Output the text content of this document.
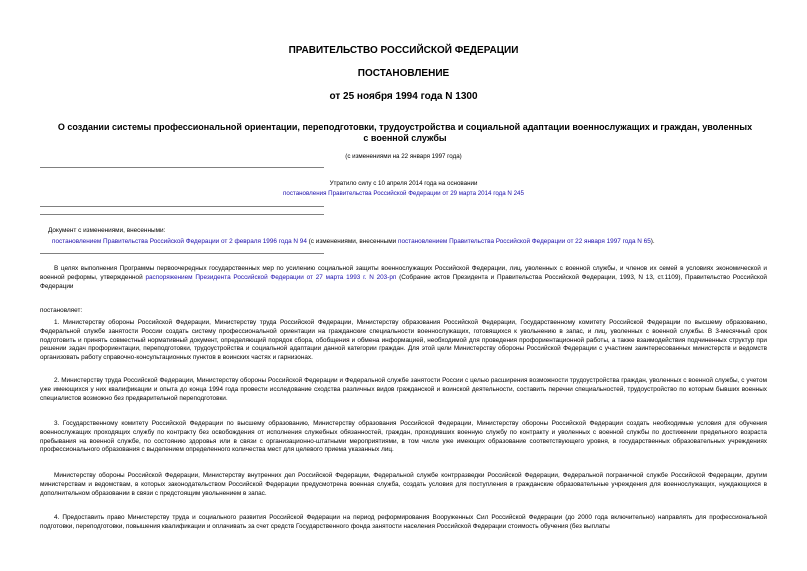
ПРАВИТЕЛЬСТВО РОССИЙСКОЙ ФЕДЕРАЦИИ
ПОСТАНОВЛЕНИЕ
от 25 ноября 1994 года N 1300
О создании системы профессиональной ориентации, переподготовки, трудоустройства и социальной адаптации военнослужащих и граждан, уволенных с военной службы
(с изменениями на 22 января 1997 года)
Утратило силу с 10 апреля 2014 года на основании
постановления Правительства Российской Федерации от 29 марта 2014 года N 245
Документ с изменениями, внесенными:
постановлением Правительства Российской Федерации от 2 февраля 1996 года N 94 (с изменениями, внесенными постановлением Правительства Российской Федерации от 22 января 1997 года N 65).
В целях выполнения Программы первоочередных государственных мер по усилению социальной защиты военнослужащих Российской Федерации, лиц, уволенных с военной службы, и членов их семей в условиях экономической и военной реформы, утвержденной распоряжением Президента Российской Федерации от 27 марта 1993 г. N 203-рп (Собрание актов Президента и Правительства Российской Федерации, 1993, N 13, ст.1109), Правительство Российской Федерации
постановляет:
1. Министерству обороны Российской Федерации, Министерству труда Российской Федерации, Министерству образования Российской Федерации, Государственному комитету Российской Федерации по высшему образованию, Федеральной службе занятости России создать систему профессиональной ориентации на гражданские специальности военнослужащих, готовящихся к увольнению в запас, и лиц, уволенных с военной службы. В 3-месячный срок подготовить и принять совместный нормативный документ, определяющий порядок сбора, обобщения и обмена информацией, необходимой для проведения профориентационной работы, а также взаимодействия подчиненных структур при решении задач профориентации, переподготовки, трудоустройства и социальной адаптации данной категории граждан. Для этой цели Министерству обороны Российской Федерации с участием заинтересованных министерств и ведомств организовать работу справочно-консультационных пунктов в воинских частях и гарнизонах.
2. Министерству труда Российской Федерации, Министерству обороны Российской Федерации и Федеральной службе занятости России с целью расширения возможности трудоустройства граждан, уволенных с военной службы, с учетом уже имеющихся у них квалификации и опыта до конца 1994 года провести исследование сходства различных видов гражданской и воинской деятельности, составить перечни специальностей, трудоустройство по которым бывших военных специалистов возможно без предварительной переподготовки.
3. Государственному комитету Российской Федерации по высшему образованию, Министерству образования Российской Федерации, Министерству обороны Российской Федерации создать необходимые условия для обучения военнослужащих проходящих службу по контракту без освобождения от исполнения служебных обязанностей, граждан, проходивших военную службу по контракту и уволенных с военной службы по достижении предельного возраста пребывания на военной службе, по состоянию здоровья или в связи с организационно-штатными мероприятиями, в том числе уже имеющих образование соответствующего уровня, в государственных образовательных учреждениях профессионального образования с выделением определенного количества мест для целевого приема указанных лиц.
Министерству обороны Российской Федерации, Министерству внутренних дел Российской Федерации, Федеральной службе контрразведки Российской Федерации, Федеральной пограничной службе Российской Федерации, другим министерствам и ведомствам, в которых законодательством Российской Федерации предусмотрена военная служба, создать условия для поступления в гражданские образовательные учреждения для военнослужащих, нуждающихся в дополнительном образовании в связи с предстоящим увольнением в запас.
4. Предоставить право Министерству труда и социального развития Российской Федерации на период реформирования Вооруженных Сил Российской Федерации (до 2000 года включительно) направлять для профессиональной подготовки, переподготовки, повышения квалификации и оплачивать за счет средств Государственного фонда занятости населения Российской Федерации стоимость обучения (без выплаты
